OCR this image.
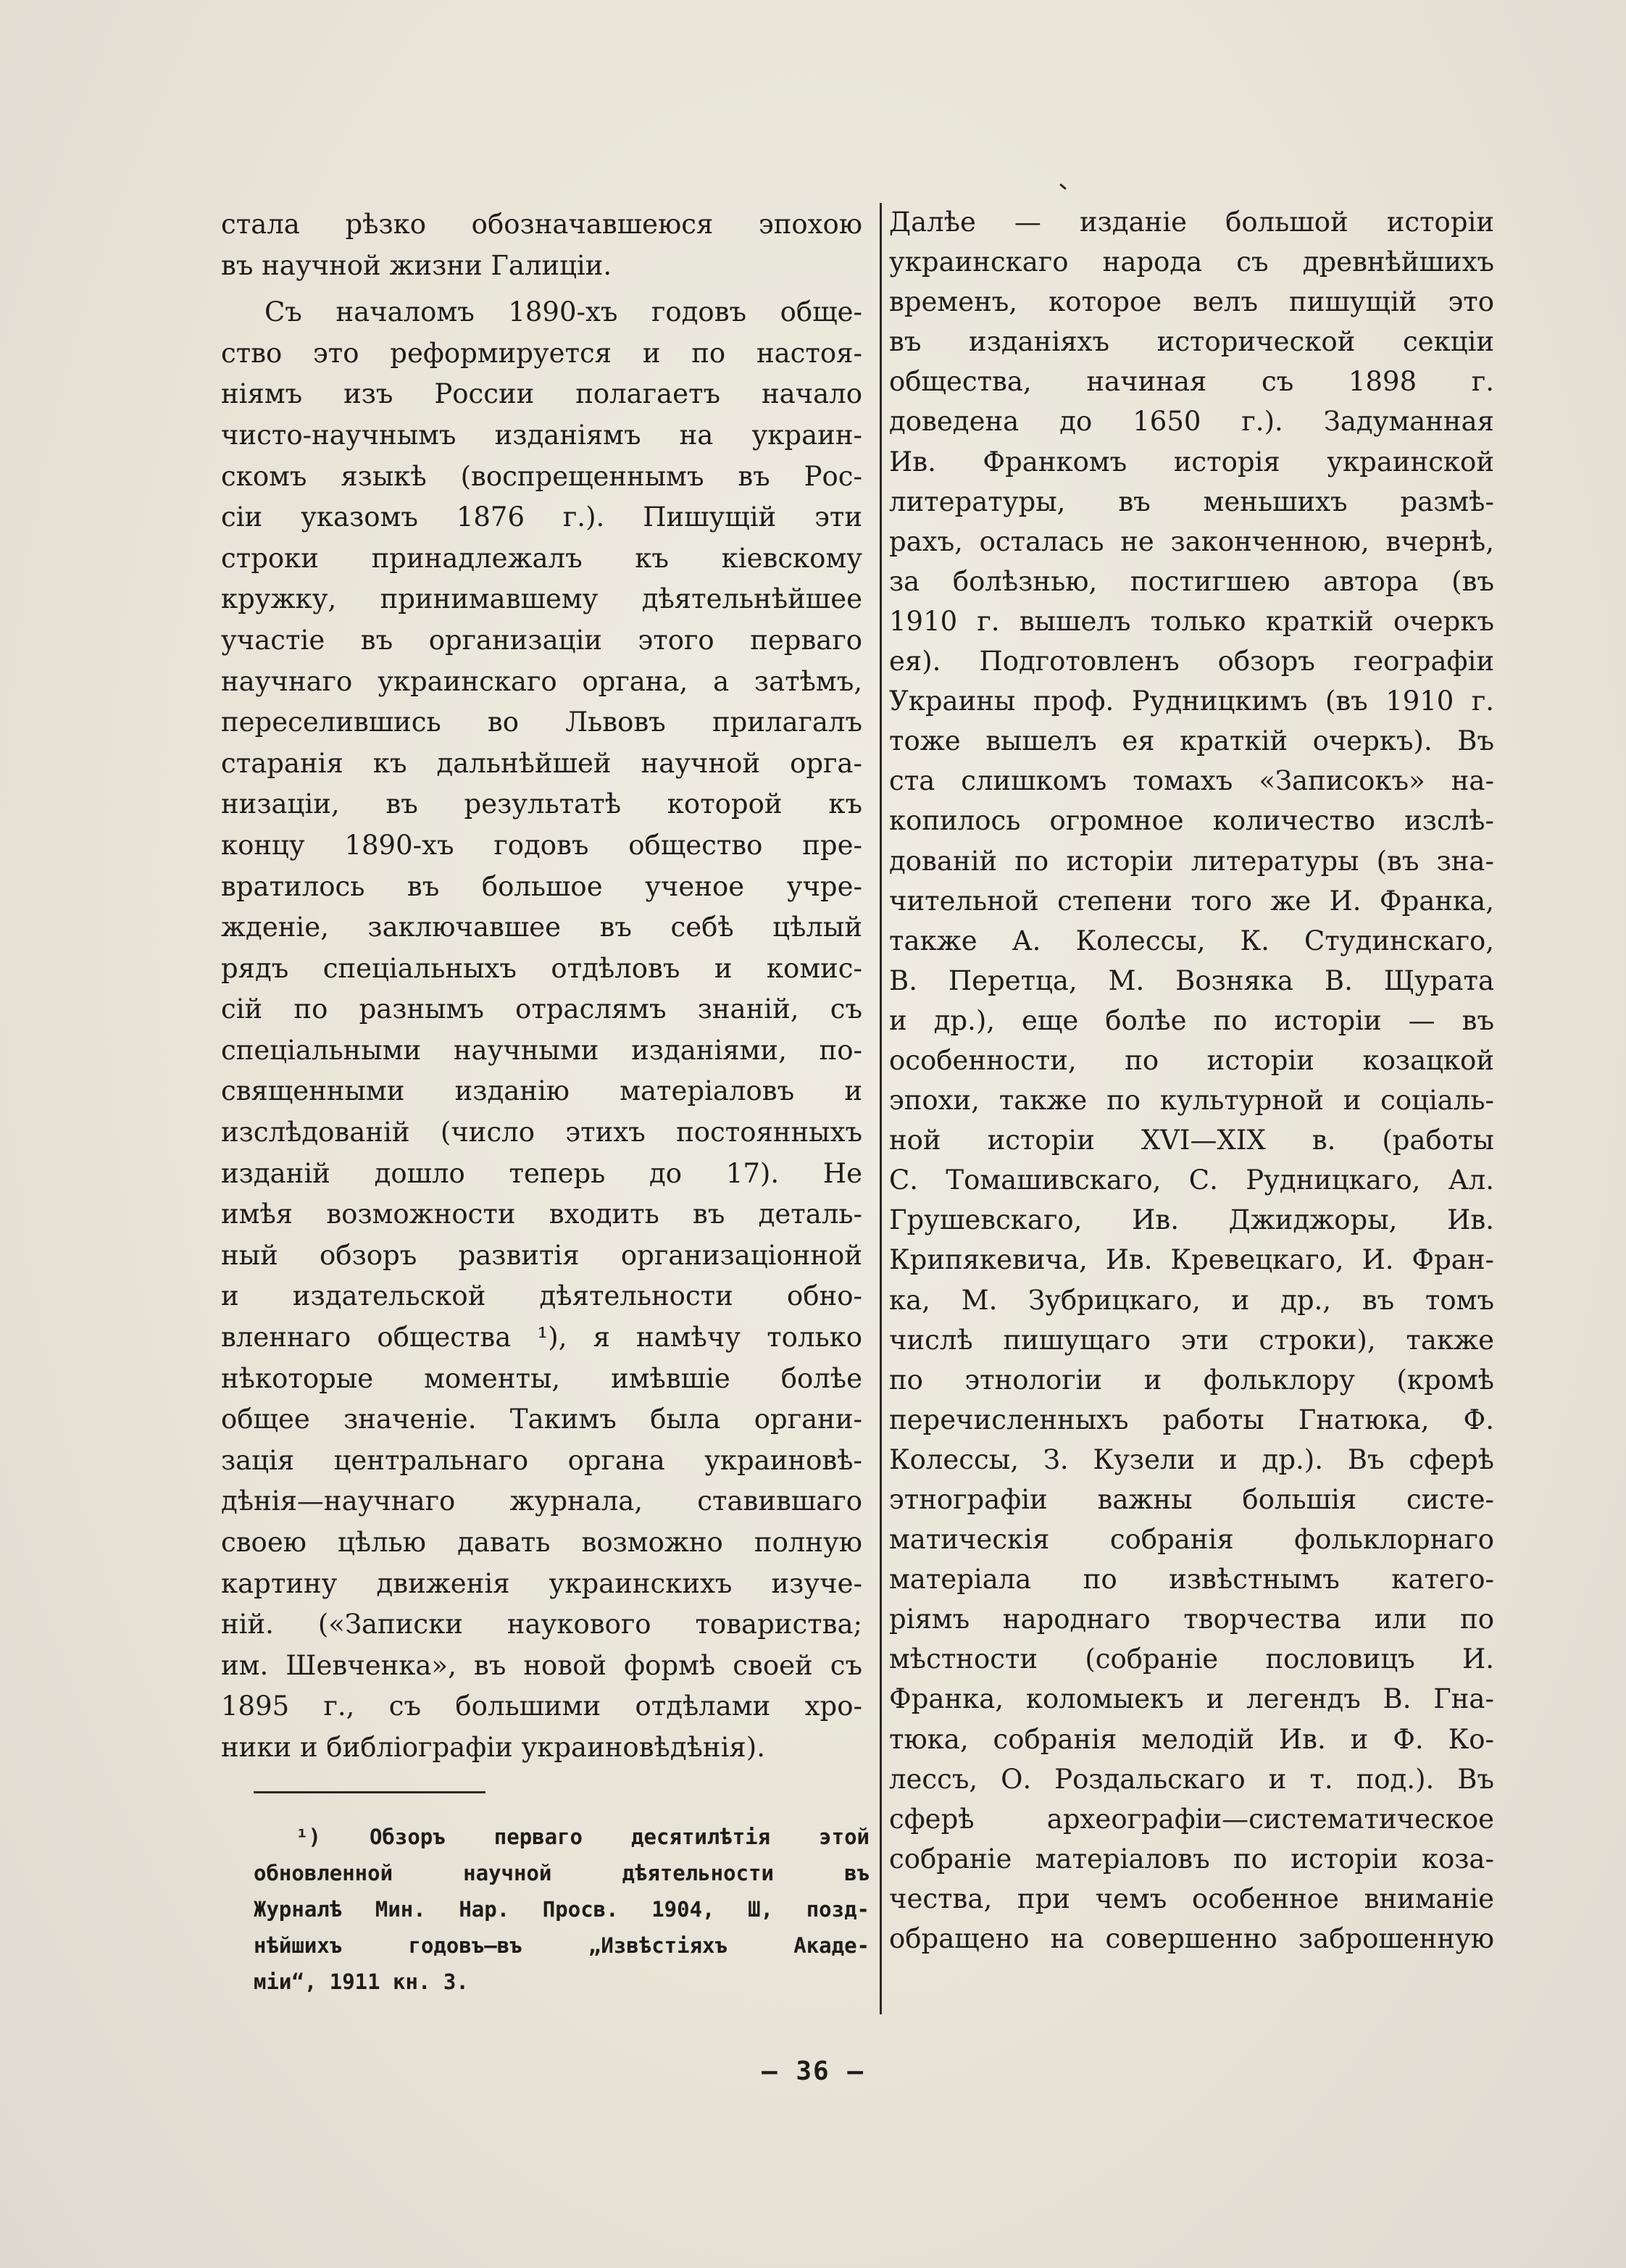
стала рѣзко обозначавшеюся эпохою
въ научной жизни Галиціи.
Съ началомъ 1890-хъ годовъ обще-
ство это реформируется и по настоя-
ніямъ изъ России полагаетъ начало
чисто-научнымъ изданіямъ на украин-
скомъ языкѣ (воспрещеннымъ въ Рос-
сіи указомъ 1876 г.). Пишущій эти
строки принадлежалъ къ кіевскому
кружку, принимавшему дѣятельнѣйшее
участіе въ организаціи этого перваго
научнаго украинскаго органа, а затѣмъ,
переселившись во Львовъ прилагалъ
старанія къ дальнѣйшей научной орга-
низаціи, въ результатѣ которой къ
концу 1890-хъ годовъ общество пре-
вратилось въ большое ученое учре-
жденіе, заключавшее въ себѣ цѣлый
рядъ спеціальныхъ отдѣловъ и комис-
сій по разнымъ отраслямъ знаній, съ
спеціальными научными изданіями, по-
священными изданію матеріаловъ и
изслѣдованій (число этихъ постоянныхъ
изданій дошло теперь до 17). Не
имѣя возможности входить въ деталь-
ный обзоръ развитія организаціонной
и издательской дѣятельности обно-
вленнаго общества ¹), я намѣчу только
нѣкоторые моменты, имѣвшіе болѣе
общее значеніе. Такимъ была органи-
зація центральнаго органа украиновѣ-
дѣнія—научнаго журнала, ставившаго
своею цѣлью давать возможно полную
картину движенія украинскихъ изуче-
ній. («Записки наукового товариства;
им. Шевченка», въ новой формѣ своей съ
1895 г., съ большими отдѣлами хро-
ники и библіографіи украиновѣдѣнія).
Далѣе — изданіе большой исторіи
украинскаго народа съ древнѣйшихъ
временъ, которое велъ пишущій это
въ изданіяхъ исторической секціи
общества, начиная съ 1898 г.
доведена до 1650 г.). Задуманная
Ив. Франкомъ исторія украинской
литературы, въ меньшихъ размѣ-
рахъ, осталась не законченною, вчернѣ,
за болѣзнью, постигшею автора (въ
1910 г. вышелъ только краткій очеркъ
ея). Подготовленъ обзоръ географіи
Украины проф. Рудницкимъ (въ 1910 г.
тоже вышелъ ея краткій очеркъ). Въ
ста слишкомъ томахъ «Записокъ» на-
копилось огромное количество изслѣ-
дованій по исторіи литературы (въ зна-
чительной степени того же И. Франка,
также А. Колессы, К. Студинскаго,
В. Перетца, М. Возняка В. Щурата
и др.), еще болѣе по исторіи — въ
особенности, по исторіи козацкой
эпохи, также по культурной и соціаль-
ной исторіи XVI—XIX в. (работы
С. Томашивскаго, С. Рудницкаго, Ал.
Грушевскаго, Ив. Джиджоры, Ив.
Крипякевича, Ив. Кревецкаго, И. Фран-
ка, М. Зубрицкаго, и др., въ томъ
числѣ пишущаго эти строки), также
по этнологіи и фольклору (кромѣ
перечисленныхъ работы Гнатюка, Ф.
Колессы, З. Кузели и др.). Въ сферѣ
этнографіи важны большія систе-
матическія собранія фольклорнаго
матеріала по извѣстнымъ катего-
ріямъ народнаго творчества или по
мѣстности (собраніе пословицъ И.
Франка, коломыекъ и легендъ В. Гна-
тюка, собранія мелодій Ив. и Ф. Ко-
лессъ, О. Роздальскаго и т. под.). Въ
сферѣ археографіи—систематическое
собраніе матеріаловъ по исторіи коза-
чества, при чемъ особенное вниманіе
обращено на совершенно заброшенную
¹) Обзоръ перваго десятилѣтія этой
обновленной научной дѣятельности въ
Журналѣ Мин. Нар. Просв. 1904, Ш, позд-
нѣйшихъ годовъ—въ „Извѣстіяхъ Акаде-
міи“, 1911 кн. 3.
— 36 —
